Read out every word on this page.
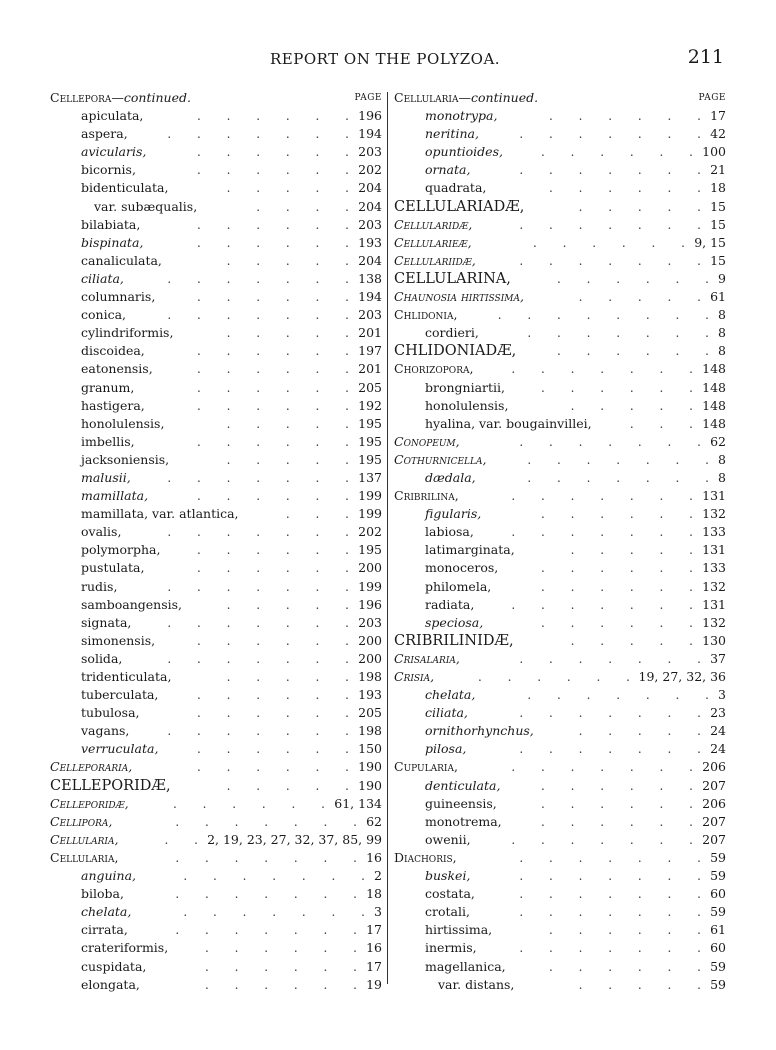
REPORT ON THE POLYZOA.	211
Cellepora—continued.	PAGE
apiculata,	. . . . . . 196
aspera,	. . . . . . . 194
avicularis,	. . . . . . 203
bicornis,	. . . . . . 202
bidenticulata,	. . . . . 204
var. subæqualis,	. . . . 204
bilabiata,	. . . . . . 203
bispinata,	. . . . . . 193
canaliculata,	. . . . . 204
ciliata,	. . . . . . . 138
columnaris,	. . . . . . 194
conica,	. . . . . . . 203
cylindriformis,	. . . . . 201
discoidea,	. . . . . . 197
eatonensis,	. . . . . . 201
granum,	. . . . . . 205
hastigera,	. . . . . . 192
honolulensis,	. . . . . 195
imbellis,	. . . . . . 195
jacksoniensis,	. . . . . 195
malusii,	. . . . . . . 137
mamillata,	. . . . . . 199
mamillata, var. atlantica,	. . . 199
ovalis,	. . . . . . . 202
polymorpha,	. . . . . . 195
pustulata,	. . . . . . 200
rudis,	. . . . . . . 199
samboangensis,	. . . . . 196
signata,	. . . . . . . 203
simonensis,	. . . . . . 200
solida,	. . . . . . . 200
tridenticulata,	. . . . . 198
tuberculata,	. . . . . . 193
tubulosa,	. . . . . . 205
vagans,	. . . . . . . 198
verruculata,	. . . . . . 150
Celleporaria,	. . . . . . 190
CELLEPORIDÆ,	. . . . . 190
Celleporidæ,	. . . . . . 61, 134
Cellipora,	. . . . . . . 62
Cellularia,	. . 2, 19, 23, 27, 32, 37, 85, 99
Cellularia,	. . . . . . . 16
anguina,	. . . . . . . 2
biloba,	. . . . . . . 18
chelata,	. . . . . . . 3
cirrata,	. . . . . . . 17
crateriformis,	. . . . . . 16
cuspidata,	. . . . . . 17
elongata,	. . . . . . 19
Cellularia—continued.	PAGE
monotrypa,	. . . . . . 17
neritina,	. . . . . . . 42
opuntioides,	. . . . . . 100
ornata,	. . . . . . . 21
quadrata,	. . . . . . 18
CELLULARIADÆ,	. . . . . 15
Cellularidæ,	. . . . . . . 15
Cellularieæ,	. . . . . . 9, 15
Cellulariidæ,	. . . . . . . 15
CELLULARINA,	. . . . . . 9
Chaunosia hirtissima,	. . . . . 61
Chlidonia,	. . . . . . . . 8
cordieri,	. . . . . . . 8
CHLIDONIADÆ,	. . . . . . 8
Chorizopora,	. . . . . . . 148
brongniartii,	. . . . . . 148
honolulensis,	. . . . . 148
hyalina, var. bougainvillei,	. . . 148
Conopeum,	. . . . . . . 62
Cothurnicella,	. . . . . . . 8
dædala,	. . . . . . . 8
Cribrilina,	. . . . . . . 131
figularis,	. . . . . . 132
labiosa,	. . . . . . . 133
latimarginata,	. . . . . 131
monoceros,	. . . . . . 133
philomela,	. . . . . . 132
radiata,	. . . . . . . 131
speciosa,	. . . . . . 132
CRIBRILINIDÆ,	. . . . . 130
Crisalaria,	. . . . . . . 37
Crisia,	. . . . . . 19, 27, 32, 36
chelata,	. . . . . . . 3
ciliata,	. . . . . . . 23
ornithorhynchus,	. . . . . 24
pilosa,	. . . . . . . 24
Cupularia,	. . . . . . . 206
denticulata,	. . . . . . 207
guineensis,	. . . . . . 206
monotrema,	. . . . . . 207
owenii,	. . . . . . . 207
Diachoris,	. . . . . . . 59
buskei,	. . . . . . . 59
costata,	. . . . . . . 60
crotali,	. . . . . . . 59
hirtissima,	. . . . . . 61
inermis,	. . . . . . . 60
magellanica,	. . . . . . 59
var. distans,	. . . . . 59
